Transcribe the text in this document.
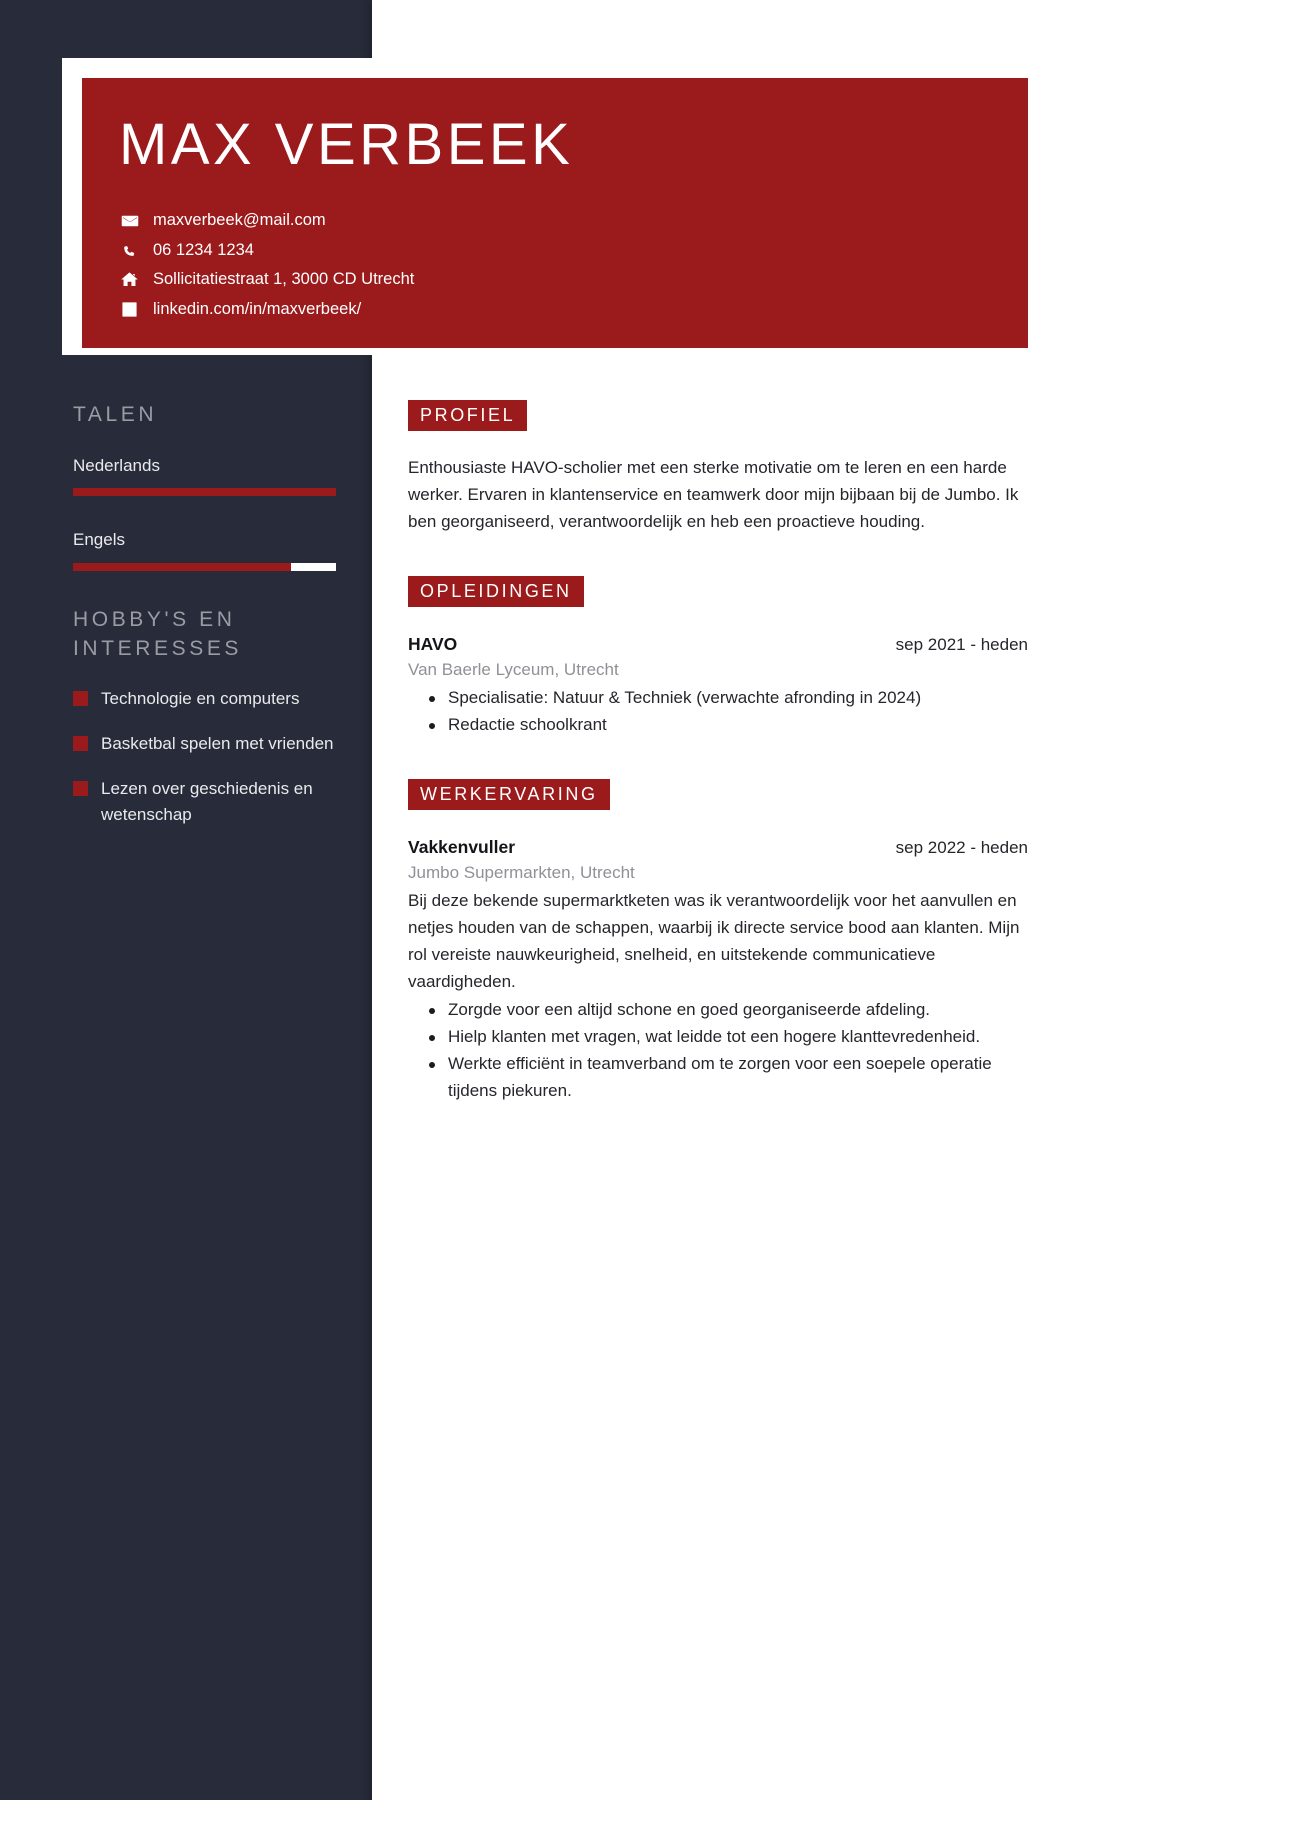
MAX VERBEEK
maxverbeek@mail.com
06 1234 1234
Sollicitatiestraat 1, 3000 CD Utrecht
linkedin.com/in/maxverbeek/
TALEN
Nederlands
Engels
HOBBY'S EN INTERESSES
Technologie en computers
Basketbal spelen met vrienden
Lezen over geschiedenis en wetenschap
PROFIEL
Enthousiaste HAVO-scholier met een sterke motivatie om te leren en een harde werker. Ervaren in klantenservice en teamwerk door mijn bijbaan bij de Jumbo. Ik ben georganiseerd, verantwoordelijk en heb een proactieve houding.
OPLEIDINGEN
HAVO	sep 2021 - heden
Van Baerle Lyceum, Utrecht
Specialisatie: Natuur & Techniek (verwachte afronding in 2024)
Redactie schoolkrant
WERKERVARING
Vakkenvuller	sep 2022 - heden
Jumbo Supermarkten, Utrecht
Bij deze bekende supermarktketen was ik verantwoordelijk voor het aanvullen en netjes houden van de schappen, waarbij ik directe service bood aan klanten. Mijn rol vereiste nauwkeurigheid, snelheid, en uitstekende communicatieve vaardigheden.
Zorgde voor een altijd schone en goed georganiseerde afdeling.
Hielp klanten met vragen, wat leidde tot een hogere klanttevredenheid.
Werkte efficiënt in teamverband om te zorgen voor een soepele operatie tijdens piekuren.
